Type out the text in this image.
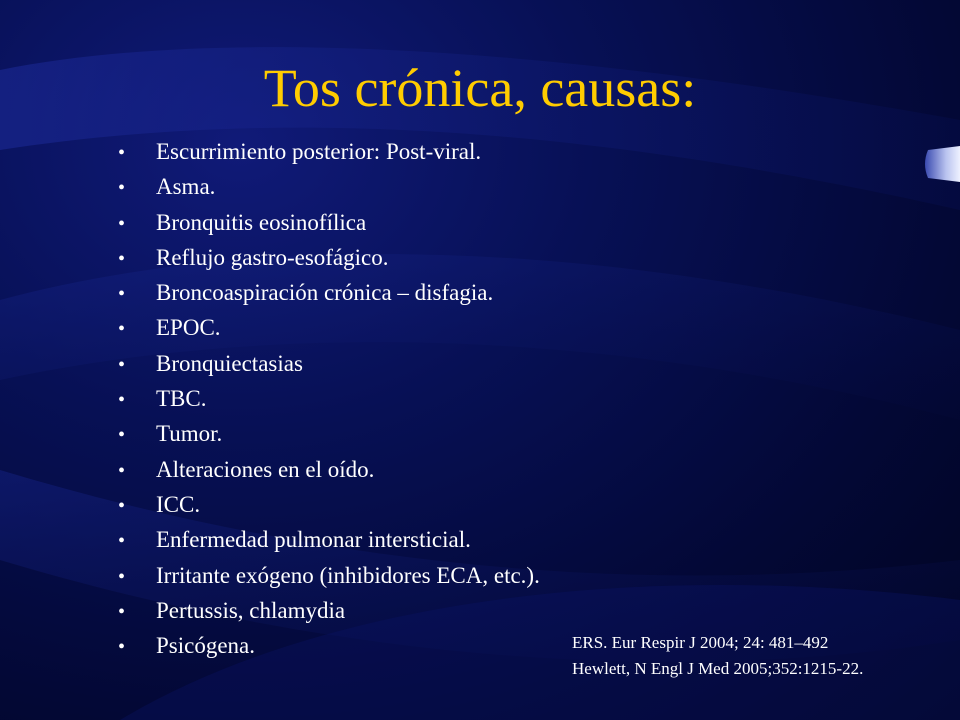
Tos crónica, causas:
• Escurrimiento posterior: Post-viral.
• Asma.
• Bronquitis eosinofílica
• Reflujo gastro-esofágico.
• Broncoaspiración crónica – disfagia.
• EPOC.
• Bronquiectasias
• TBC.
• Tumor.
• Alteraciones en el oído.
• ICC.
• Enfermedad pulmonar intersticial.
• Irritante exógeno (inhibidores ECA, etc.).
• Pertussis, chlamydia
• Psicógena.	ERS. Eur Respir J 2004; 24: 481–492
Hewlett, N Engl J Med 2005;352:1215-22.
